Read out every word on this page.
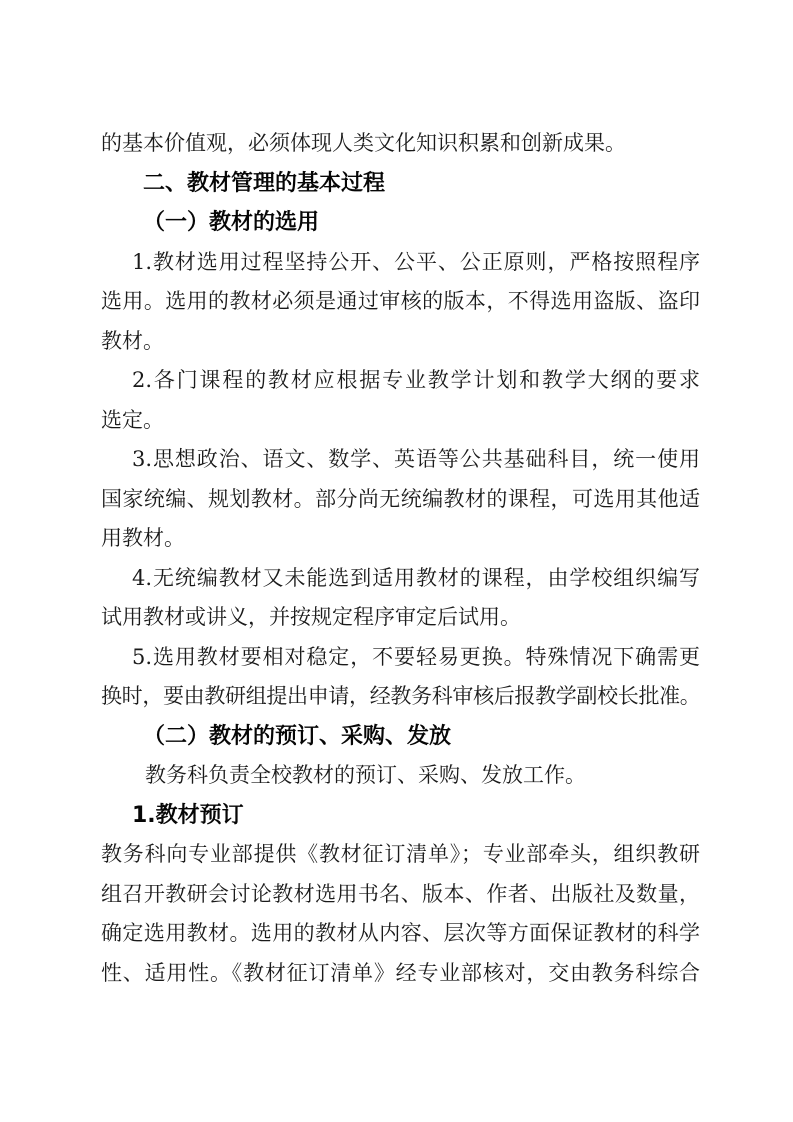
的基本价值观，必须体现人类文化知识积累和创新成果。
二、教材管理的基本过程
（一）教材的选用
1.教材选用过程坚持公开、公平、公正原则，严格按照程序
选用。选用的教材必须是通过审核的版本，不得选用盗版、盗印
教材。
2.各门课程的教材应根据专业教学计划和教学大纲的要求
选定。
3.思想政治、语文、数学、英语等公共基础科目，统一使用
国家统编、规划教材。部分尚无统编教材的课程，可选用其他适
用教材。
4.无统编教材又未能选到适用教材的课程，由学校组织编写
试用教材或讲义，并按规定程序审定后试用。
5.选用教材要相对稳定，不要轻易更换。特殊情况下确需更
换时，要由教研组提出申请，经教务科审核后报教学副校长批准。
（二）教材的预订、采购、发放
教务科负责全校教材的预订、采购、发放工作。
1.教材预订
教务科向专业部提供《教材征订清单》；专业部牵头，组织教研
组召开教研会讨论教材选用书名、版本、作者、出版社及数量，
确定选用教材。选用的教材从内容、层次等方面保证教材的科学
性、适用性。《教材征订清单》经专业部核对，交由教务科综合
